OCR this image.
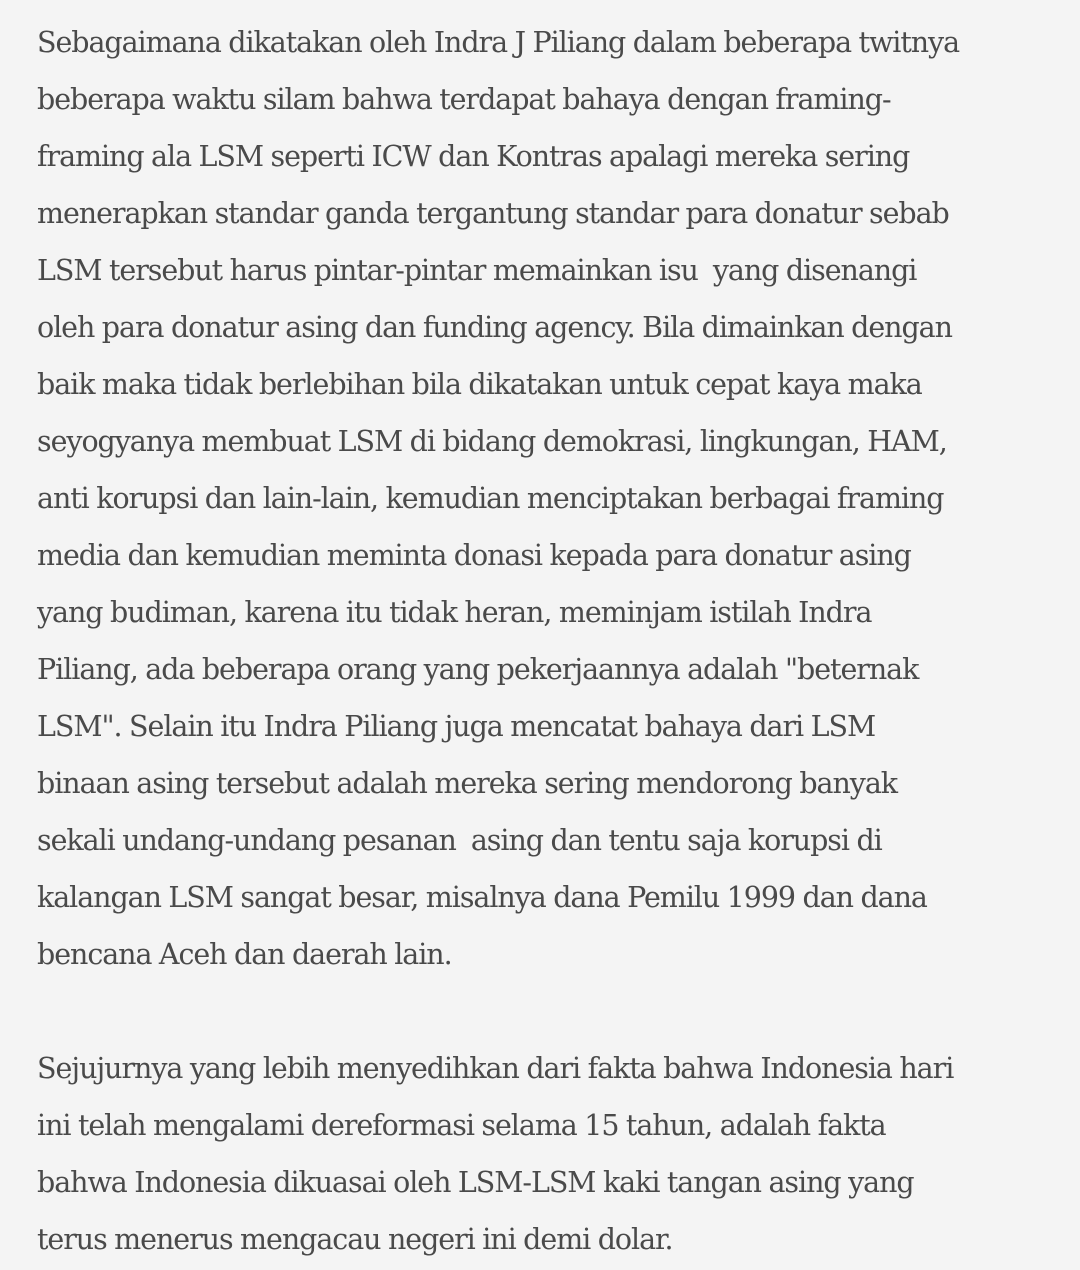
Sebagaimana dikatakan oleh Indra J Piliang dalam beberapa twitnya
beberapa waktu silam bahwa terdapat bahaya dengan framing-
framing ala LSM seperti ICW dan Kontras apalagi mereka sering
menerapkan standar ganda tergantung standar para donatur sebab
LSM tersebut harus pintar-pintar memainkan isu  yang disenangi
oleh para donatur asing dan funding agency. Bila dimainkan dengan
baik maka tidak berlebihan bila dikatakan untuk cepat kaya maka
seyogyanya membuat LSM di bidang demokrasi, lingkungan, HAM,
anti korupsi dan lain-lain, kemudian menciptakan berbagai framing
media dan kemudian meminta donasi kepada para donatur asing
yang budiman, karena itu tidak heran, meminjam istilah Indra
Piliang, ada beberapa orang yang pekerjaannya adalah "beternak
LSM". Selain itu Indra Piliang juga mencatat bahaya dari LSM
binaan asing tersebut adalah mereka sering mendorong banyak
sekali undang-undang pesanan  asing dan tentu saja korupsi di
kalangan LSM sangat besar, misalnya dana Pemilu 1999 dan dana
bencana Aceh dan daerah lain.

Sejujurnya yang lebih menyedihkan dari fakta bahwa Indonesia hari
ini telah mengalami dereformasi selama 15 tahun, adalah fakta
bahwa Indonesia dikuasai oleh LSM-LSM kaki tangan asing yang
terus menerus mengacau negeri ini demi dolar.
